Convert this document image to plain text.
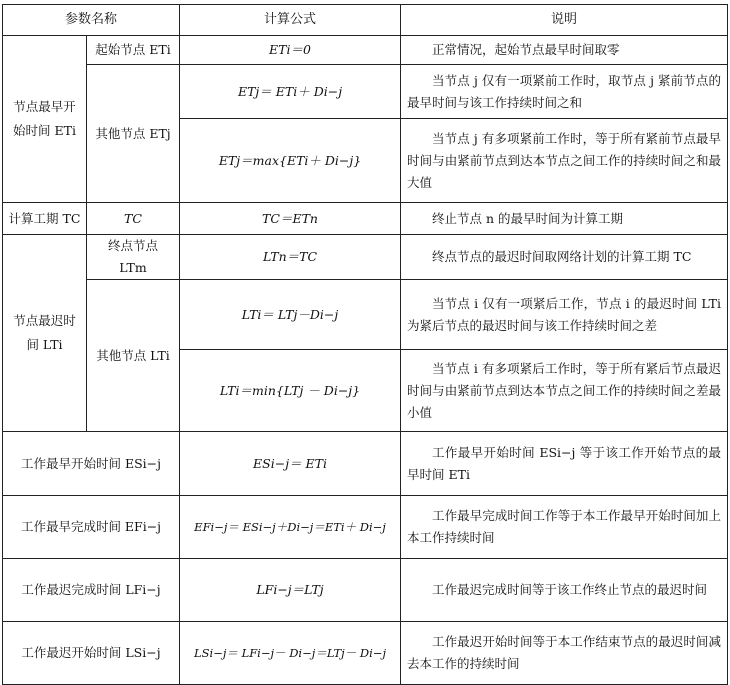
参数名称		计算公式	说明
节点最早开始时间 ETi	起始节点 ETi	ETi＝0	正常情况，起始节点最早时间取零

	其他节点 ETj	ETj＝ ETi＋ Di−j	当节点 j 仅有一项紧前工作时，取节点 j 紧前节点的最早时间与该工作持续时间之和

		ETj＝max{ETi＋ Di−j}	当节点 j 有多项紧前工作时，等于所有紧前节点最早时间与由紧前节点到达本节点之间工作的持续时间之和最大值

计算工期 TC	TC	TC＝ETn	终止节点 n 的最早时间为计算工期

节点最迟时间 LTi	终点节点 LTm	LTn＝TC	终点节点的最迟时间取网络计划的计算工期 TC

	其他节点 LTi	LTi＝ LTj－Di−j	当节点 i 仅有一项紧后工作，节点 i 的最迟时间 LTi 为紧后节点的最迟时间与该工作持续时间之差

		LTi＝min{LTj － Di−j}	当节点 i 有多项紧后工作时，等于所有紧后节点最迟时间与由紧前节点到达本节点之间工作的持续时间之差最小值

工作最早开始时间 ESi−j		ESi−j＝ ETi	工作最早开始时间 ESi−j 等于该工作开始节点的最早时间 ETi

工作最早完成时间 EFi−j		EFi−j＝ ESi−j＋Di−j＝ETi＋ Di−j	工作最早完成时间工作等于本工作最早开始时间加上本工作持续时间

工作最迟完成时间 LFi−j		LFi−j＝LTj	工作最迟完成时间等于该工作终止节点的最迟时间

工作最迟开始时间 LSi−j		LSi−j＝ LFi−j－ Di−j＝LTj－ Di−j	工作最迟开始时间等于本工作结束节点的最迟时间减去本工作的持续时间
